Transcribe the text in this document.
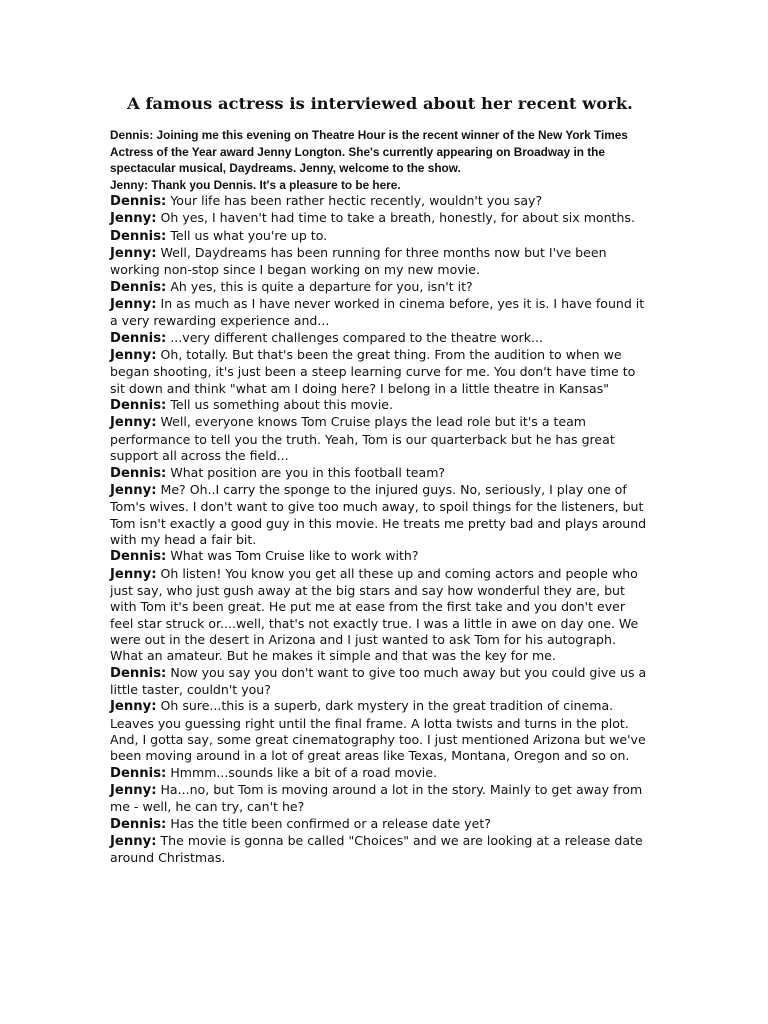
A famous actress is interviewed about her recent work.

Dennis: Joining me this evening on Theatre Hour is the recent winner of the New York Times Actress of the Year award Jenny Longton. She's currently appearing on Broadway in the spectacular musical, Daydreams. Jenny, welcome to the show.

Jenny: Thank you Dennis. It's a pleasure to be here.

Dennis: Your life has been rather hectic recently, wouldn't you say?

Jenny: Oh yes, I haven't had time to take a breath, honestly, for about six months.

Dennis: Tell us what you're up to.

Jenny: Well, Daydreams has been running for three months now but I've been working non-stop since I began working on my new movie.

Dennis: Ah yes, this is quite a departure for you, isn't it?

Jenny: In as much as I have never worked in cinema before, yes it is. I have found it a very rewarding experience and...

Dennis: ...very different challenges compared to the theatre work...

Jenny: Oh, totally. But that's been the great thing. From the audition to when we began shooting, it's just been a steep learning curve for me. You don't have time to sit down and think "what am I doing here? I belong in a little theatre in Kansas"

Dennis: Tell us something about this movie.

Jenny: Well, everyone knows Tom Cruise plays the lead role but it's a team performance to tell you the truth. Yeah, Tom is our quarterback but he has great support all across the field...

Dennis: What position are you in this football team?

Jenny: Me? Oh..I carry the sponge to the injured guys. No, seriously, I play one of Tom's wives. I don't want to give too much away, to spoil things for the listeners, but Tom isn't exactly a good guy in this movie. He treats me pretty bad and plays around with my head a fair bit.

Dennis: What was Tom Cruise like to work with?

Jenny: Oh listen! You know you get all these up and coming actors and people who just say, who just gush away at the big stars and say how wonderful they are, but with Tom it's been great. He put me at ease from the first take and you don't ever feel star struck or....well, that's not exactly true. I was a little in awe on day one. We were out in the desert in Arizona and I just wanted to ask Tom for his autograph. What an amateur. But he makes it simple and that was the key for me.

Dennis: Now you say you don't want to give too much away but you could give us a little taster, couldn't you?

Jenny: Oh sure...this is a superb, dark mystery in the great tradition of cinema. Leaves you guessing right until the final frame. A lotta twists and turns in the plot. And, I gotta say, some great cinematography too. I just mentioned Arizona but we've been moving around in a lot of great areas like Texas, Montana, Oregon and so on.

Dennis: Hmmm...sounds like a bit of a road movie.

Jenny: Ha...no, but Tom is moving around a lot in the story. Mainly to get away from me - well, he can try, can't he?

Dennis: Has the title been confirmed or a release date yet?

Jenny: The movie is gonna be called "Choices" and we are looking at a release date around Christmas.
